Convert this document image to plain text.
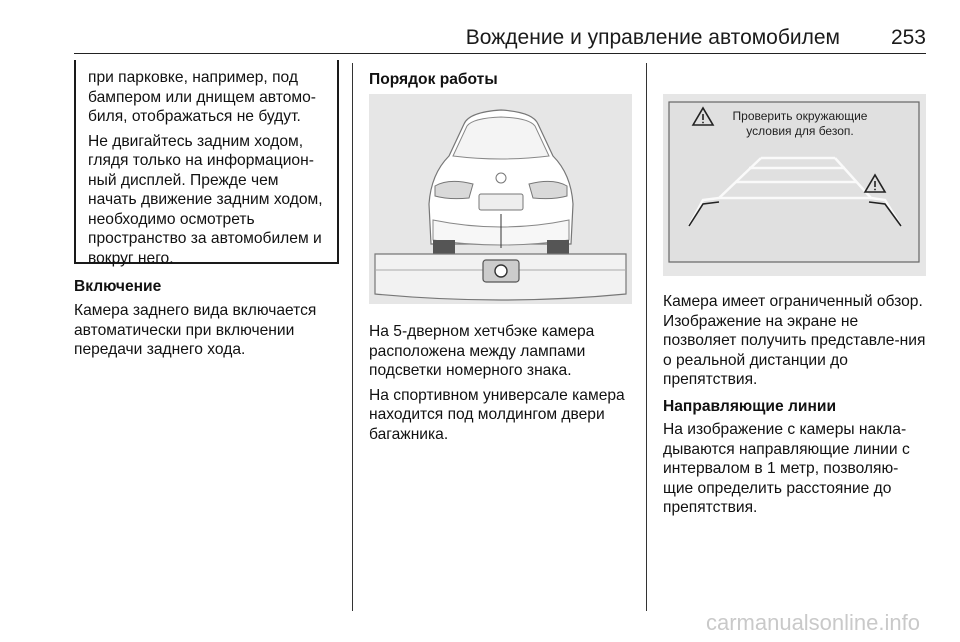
Вождение и управление автомобилем	253

при парковке, например, под бампером или днищем автомо-биля, отображаться не будут.

Не двигайтесь задним ходом, глядя только на информацион-ный дисплей. Прежде чем начать движение задним ходом, необходимо осмотреть пространство за автомобилем и вокруг него.

Включение

Камера заднего вида включается автоматически при включении передачи заднего хода.

Порядок работы

На 5-дверном хетчбэке камера расположена между лампами подсветки номерного знака.

На спортивном универсале камера находится под молдингом двери багажника.

Проверить окружающие
условия для безоп.

Камера имеет ограниченный обзор. Изображение на экране не позволяет получить представле-ния о реальной дистанции до препятствия.

Направляющие линии

На изображение с камеры накла-дываются направляющие линии с интервалом в 1 метр, позволяю-щие определить расстояние до препятствия.

carmanualsonline.info
